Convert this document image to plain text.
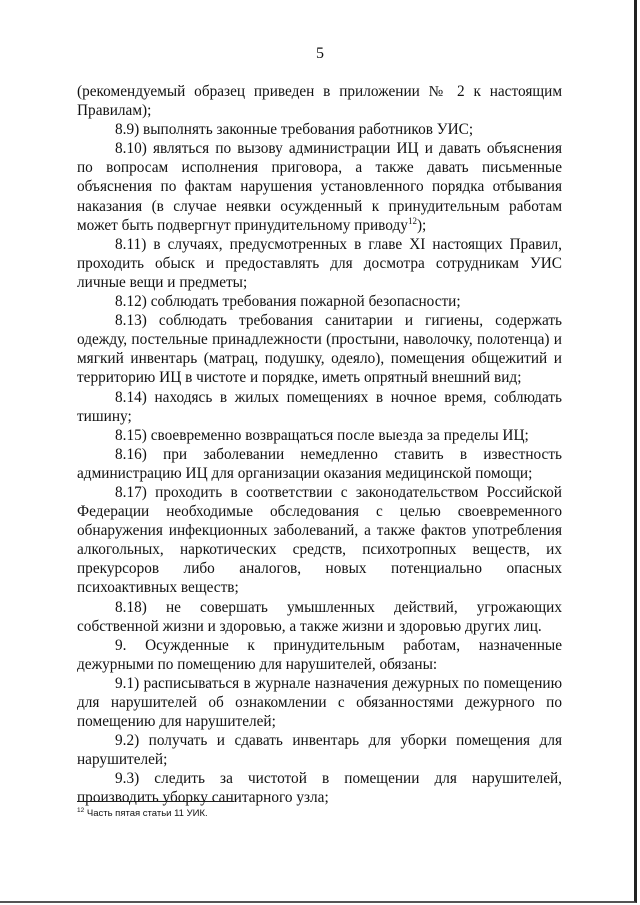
5

(рекомендуемый образец приведен в приложении № 2 к настоящим Правилам);

8.9) выполнять законные требования работников УИС;

8.10) являться по вызову администрации ИЦ и давать объяснения по вопросам исполнения приговора, а также давать письменные объяснения по фактам нарушения установленного порядка отбывания наказания (в случае неявки осужденный к принудительным работам может быть подвергнут принудительному приводу$^{12}$);

8.11) в случаях, предусмотренных в главе XI настоящих Правил, проходить обыск и предоставлять для досмотра сотрудникам УИС личные вещи и предметы;

8.12) соблюдать требования пожарной безопасности;

8.13) соблюдать требования санитарии и гигиены, содержать одежду, постельные принадлежности (простыни, наволочку, полотенца) и мягкий инвентарь (матрац, подушку, одеяло), помещения общежитий и территорию ИЦ в чистоте и порядке, иметь опрятный внешний вид;

8.14) находясь в жилых помещениях в ночное время, соблюдать тишину;

8.15) своевременно возвращаться после выезда за пределы ИЦ;

8.16) при заболевании немедленно ставить в известность администрацию ИЦ для организации оказания медицинской помощи;

8.17) проходить в соответствии с законодательством Российской Федерации необходимые обследования с целью своевременного обнаружения инфекционных заболеваний, а также фактов употребления алкогольных, наркотических средств, психотропных веществ, их прекурсоров либо аналогов, новых потенциально опасных психоактивных веществ;

8.18) не совершать умышленных действий, угрожающих собственной жизни и здоровью, а также жизни и здоровью других лиц.

9. Осужденные к принудительным работам, назначенные дежурными по помещению для нарушителей, обязаны:

9.1) расписываться в журнале назначения дежурных по помещению для нарушителей об ознакомлении с обязанностями дежурного по помещению для нарушителей;

9.2) получать и сдавать инвентарь для уборки помещения для нарушителей;

9.3) следить за чистотой в помещении для нарушителей, производить уборку санитарного узла;

$^{12}$ Часть пятая статьи 11 УИК.
